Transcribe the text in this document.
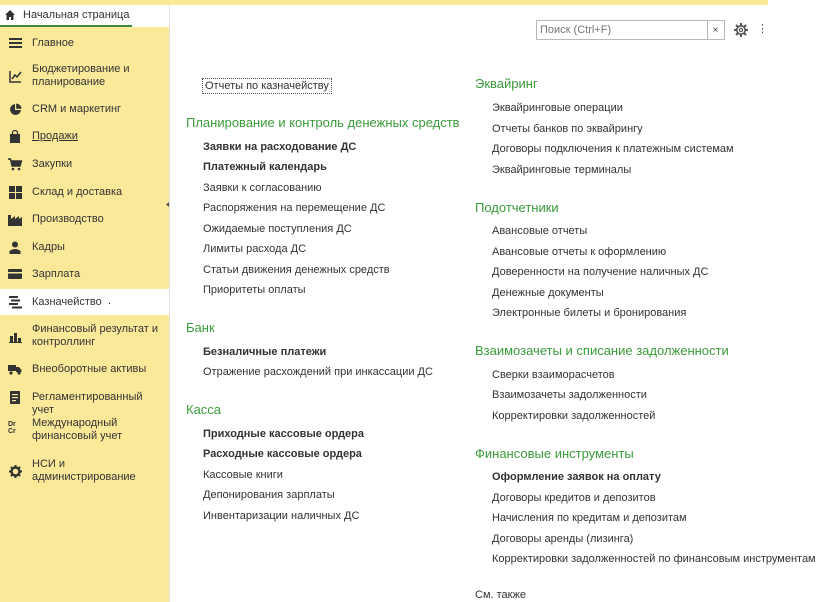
Начальная страница
Главное
Бюджетирование и планирование
CRM и маркетинг
Продажи
Закупки
Склад и доставка
Производство
Кадры
Зарплата
Казначейство .
Финансовый результат и контроллинг
Внеоборотные активы
Регламентированный учет
Dr Cr
Международный финансовый учет
НСИ и администрирование
Поиск (Ctrl+F)
×	⋮
Отчеты по казначейству
Планирование и контроль денежных средств
Заявки на расходование ДС
Платежный календарь
Заявки к согласованию
Распоряжения на перемещение ДС
Ожидаемые поступления ДС
Лимиты расхода ДС
Статьи движения денежных средств
Приоритеты оплаты
Банк
Безналичные платежи
Отражение расхождений при инкассации ДС
Касса
Приходные кассовые ордера
Расходные кассовые ордера
Кассовые книги
Депонирования зарплаты
Инвентаризации наличных ДС
Эквайринг
Эквайринговые операции
Отчеты банков по эквайрингу
Договоры подключения к платежным системам
Эквайринговые терминалы
Подотчетники
Авансовые отчеты
Авансовые отчеты к оформлению
Доверенности на получение наличных ДС
Денежные документы
Электронные билеты и бронирования
Взаимозачеты и списание задолженности
Сверки взаиморасчетов
Взаимозачеты задолженности
Корректировки задолженностей
Финансовые инструменты
Оформление заявок на оплату
Договоры кредитов и депозитов
Начисления по кредитам и депозитам
Договоры аренды (лизинга)
Корректировки задолженностей по финансовым инструментам
См. также
